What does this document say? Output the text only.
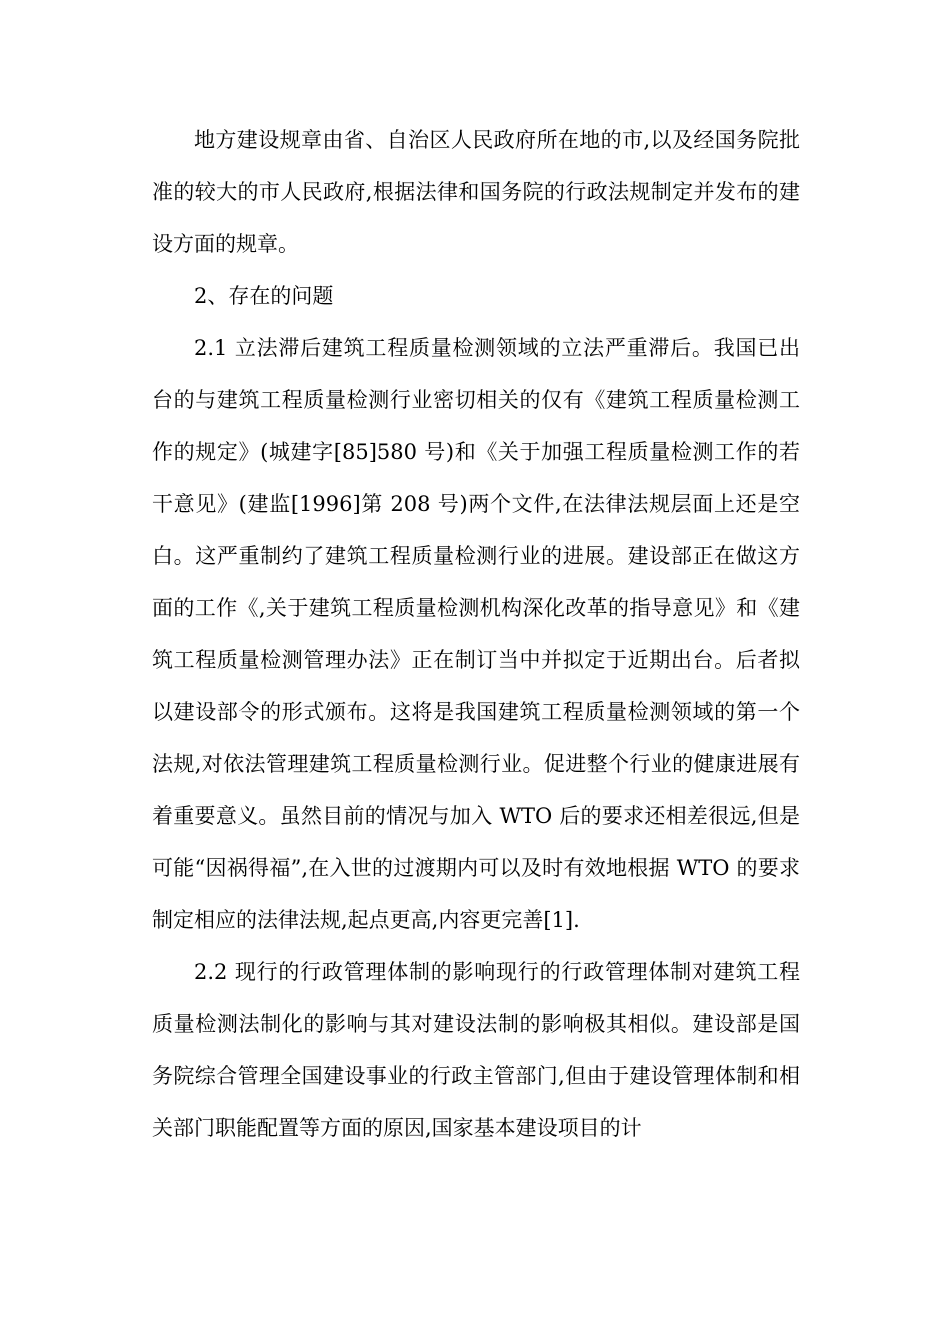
地方建设规章由省、自治区人民政府所在地的市,以及经国务院批准的较大的市人民政府,根据法律和国务院的行政法规制定并发布的建设方面的规章。

2、存在的问题

2.1 立法滞后建筑工程质量检测领域的立法严重滞后。我国已出台的与建筑工程质量检测行业密切相关的仅有《建筑工程质量检测工作的规定》(城建字[85]580 号)和《关于加强工程质量检测工作的若干意见》(建监[1996]第 208 号)两个文件,在法律法规层面上还是空白。这严重制约了建筑工程质量检测行业的进展。建设部正在做这方面的工作《,关于建筑工程质量检测机构深化改革的指导意见》和《建筑工程质量检测管理办法》正在制订当中并拟定于近期出台。后者拟以建设部令的形式颁布。这将是我国建筑工程质量检测领域的第一个法规,对依法管理建筑工程质量检测行业。促进整个行业的健康进展有着重要意义。虽然目前的情况与加入 WTO 后的要求还相差很远,但是可能“因祸得福”,在入世的过渡期内可以及时有效地根据 WTO 的要求制定相应的法律法规,起点更高,内容更完善[1].

2.2 现行的行政管理体制的影响现行的行政管理体制对建筑工程质量检测法制化的影响与其对建设法制的影响极其相似。建设部是国务院综合管理全国建设事业的行政主管部门,但由于建设管理体制和相关部门职能配置等方面的原因,国家基本建设项目的计
